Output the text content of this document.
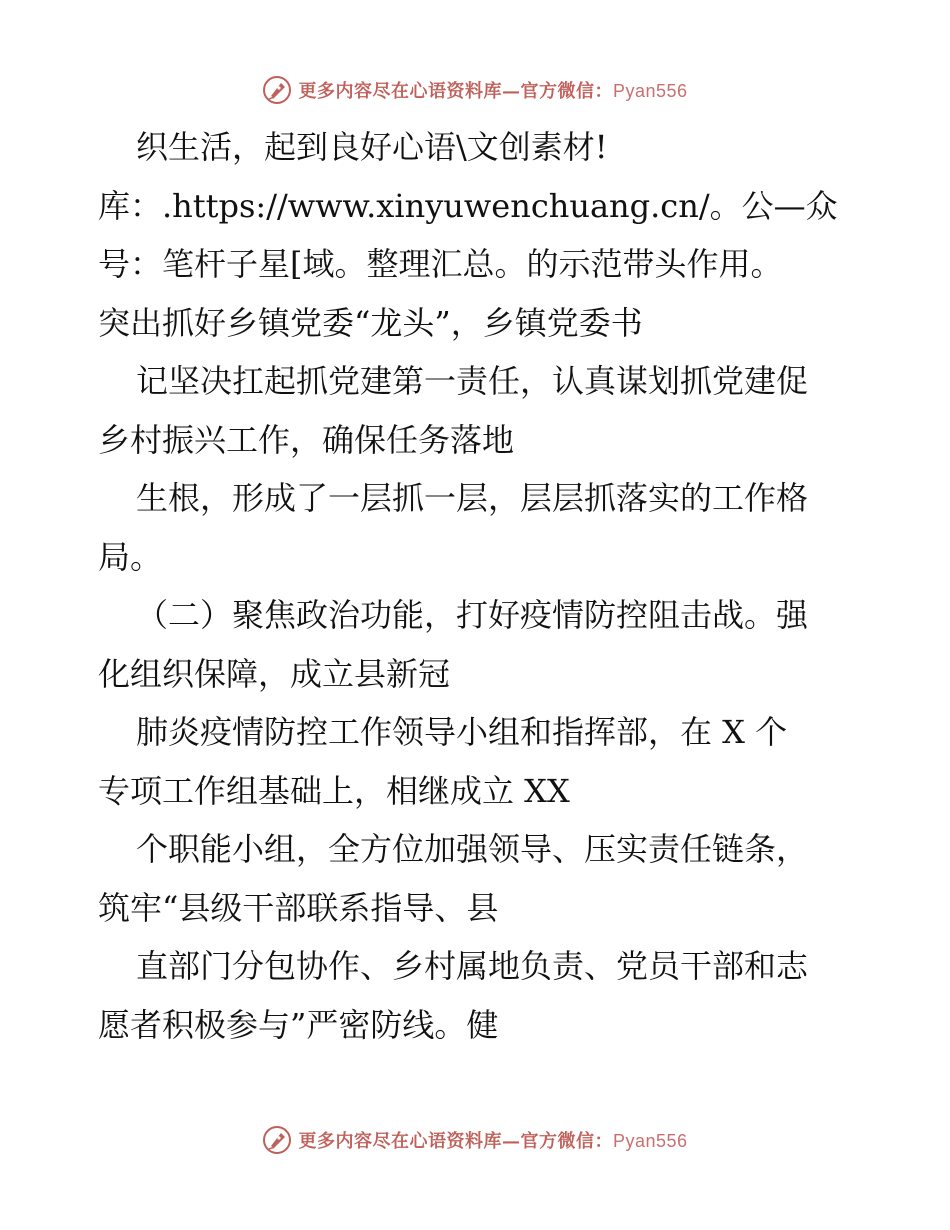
更多内容尽在心语资料库—官方微信：Pyan556
织生活，起到良好心语\文创素材!
库：.https://www.xinyuwenchuang.cn/。公—众
号：笔杆子星[域。整理汇总。的示范带头作用。
突出抓好乡镇党委“龙头”，乡镇党委书
记坚决扛起抓党建第一责任，认真谋划抓党建促
乡村振兴工作，确保任务落地
生根，形成了一层抓一层，层层抓落实的工作格
局。
（二）聚焦政治功能，打好疫情防控阻击战。强
化组织保障，成立县新冠
肺炎疫情防控工作领导小组和指挥部，在 X 个
专项工作组基础上，相继成立 XX
个职能小组，全方位加强领导、压实责任链条，
筑牢“县级干部联系指导、县
直部门分包协作、乡村属地负责、党员干部和志
愿者积极参与”严密防线。健
更多内容尽在心语资料库—官方微信：Pyan556
